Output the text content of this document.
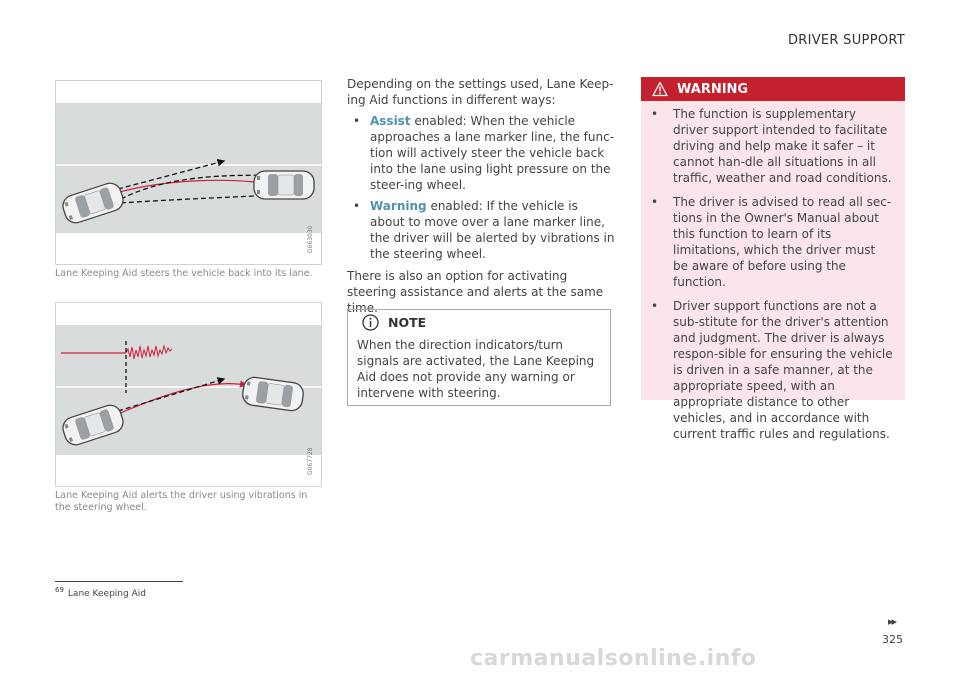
DRIVER SUPPORT
G063030
Lane Keeping Aid steers the vehicle back into its lane.
G067728
Lane Keeping Aid alerts the driver using vibrations in the steering wheel.

Depending on the settings used, Lane Keep-ing Aid functions in different ways:

• Assist enabled: When the vehicle approaches a lane marker line, the func-tion will actively steer the vehicle back into the lane using light pressure on the steer-ing wheel.
• Warning enabled: If the vehicle is about to move over a lane marker line, the driver will be alerted by vibrations in the steering wheel.

There is also an option for activating steering assistance and alerts at the same time.

NOTE
When the direction indicators/turn signals are activated, the Lane Keeping Aid does not provide any warning or intervene with steering.
WARNING
•	The function is supplementary driver support intended to facilitate driving and help make it safer – it cannot han-dle all situations in all traffic, weather and road conditions.
•	The driver is advised to read all sec-tions in the Owner's Manual about this function to learn of its limitations, which the driver must be aware of before using the function.
•	Driver support functions are not a sub-stitute for the driver's attention and judgment. The driver is always respon-sible for ensuring the vehicle is driven in a safe manner, at the appropriate speed, with an appropriate distance to other vehicles, and in accordance with current traffic rules and regulations.
$^{69}$ Lane Keeping Aid
▸▸
325
carmanualsonline.info
